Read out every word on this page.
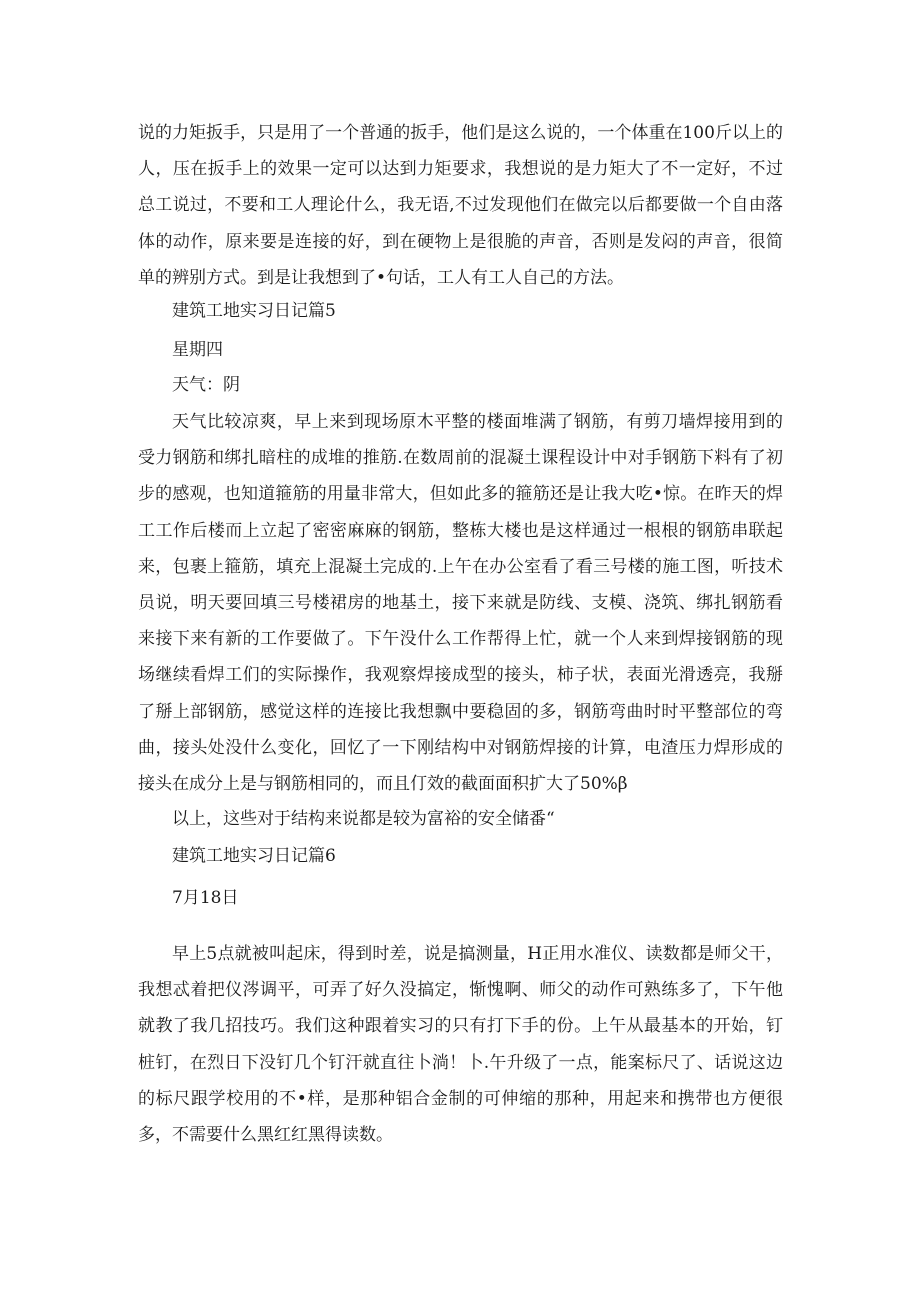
说的力矩扳手，只是用了一个普通的扳手，他们是这么说的，一个体重在100斤以上的人，压在扳手上的效果一定可以达到力矩要求，我想说的是力矩大了不一定好，不过总工说过，不要和工人理论什么，我无语,不过发现他们在做完以后都要做一个自由落体的动作，原来要是连接的好，到在硬物上是很脆的声音，否则是发闷的声音，很简单的辨别方式。到是让我想到了•句话，工人有工人自己的方法。

建筑工地实习日记篇5

星期四

天气：阴

天气比较凉爽，早上来到现场原木平整的楼面堆满了钢筋，有剪刀墙焊接用到的受力钢筋和绑扎暗柱的成堆的推筋.在数周前的混凝土课程设计中对手钢筋下料有了初步的感观，也知道箍筋的用量非常大，但如此多的箍筋还是让我大吃•惊。在昨天的焊工工作后楼而上立起了密密麻麻的钢筋，整栋大楼也是这样通过一根根的钢筋串联起来，包裹上箍筋，填充上混凝土完成的.上午在办公室看了看三号楼的施工图，听技术员说，明天要回填三号楼裙房的地基土，接下来就是防线、支模、浇筑、绑扎钢筋看来接下来有新的工作要做了。下午没什么工作帮得上忙，就一个人来到焊接钢筋的现场继续看焊工们的实际操作，我观察焊接成型的接头，柿子状，表面光滑透亮，我掰了掰上部钢筋，感觉这样的连接比我想飘中要稳固的多，钢筋弯曲时时平整部位的弯曲，接头处没什么变化，回忆了一下刚结构中对钢筋焊接的计算，电渣压力焊形成的接头在成分上是与钢筋相同的，而且仃效的截面面积扩大了50%β

以上，这些对于结构来说都是较为富裕的安全储番“

建筑工地实习日记篇6

7月18日

早上5点就被叫起床，得到时差，说是搞测量，H正用水准仪、读数都是师父干，我想忒着把仪涔调平，可弄了好久没搞定，惭愧啊、师父的动作可熟练多了，下午他就教了我几招技巧。我们这种跟着实习的只有打下手的份。上午从最基本的开始，钉桩钉，在烈日下没钉几个钉汗就直往卜淌！卜.午升级了一点，能案标尺了、话说这边的标尺跟学校用的不•样，是那种铝合金制的可伸缩的那种，用起来和携带也方便很多，不需要什么黑红红黑得读数。
